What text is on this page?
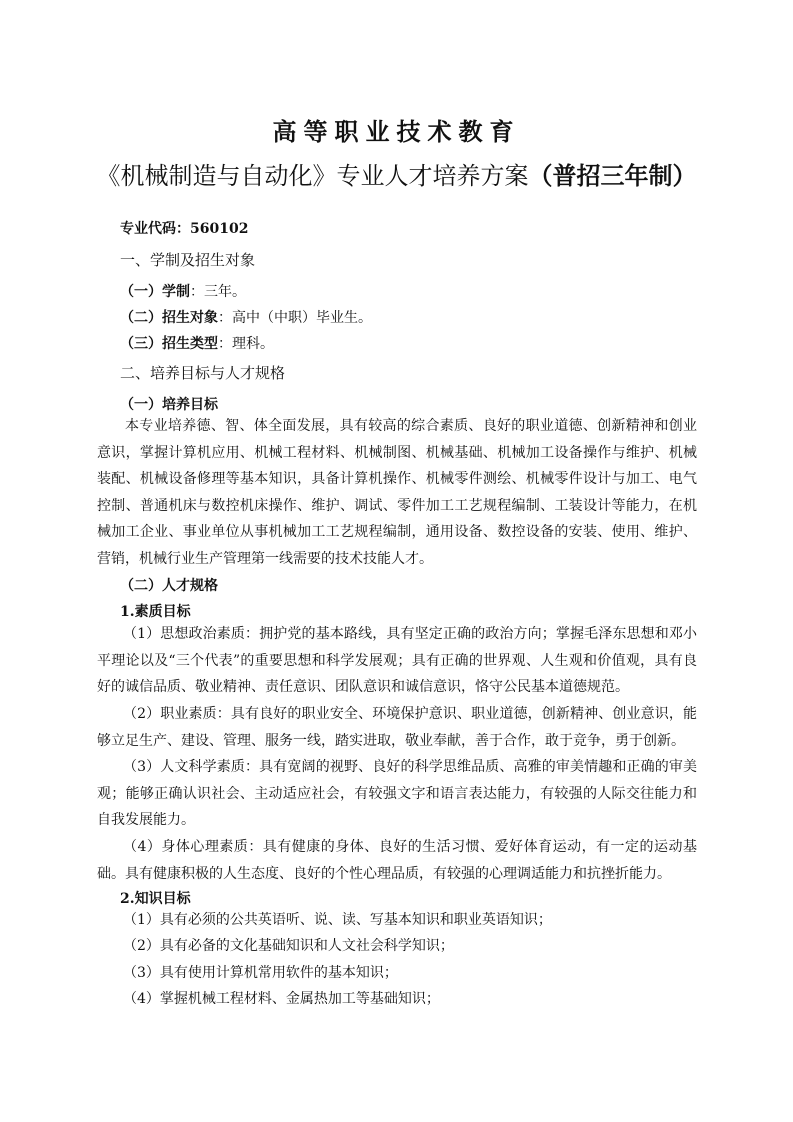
高等职业技术教育
《机械制造与自动化》专业人才培养方案（普招三年制）
专业代码：560102
一、学制及招生对象
（一）学制：三年。
（二）招生对象：高中（中职）毕业生。
（三）招生类型：理科。
二、培养目标与人才规格
（一）培养目标
本专业培养德、智、体全面发展，具有较高的综合素质、良好的职业道德、创新精神和创业意识，掌握计算机应用、机械工程材料、机械制图、机械基础、机械加工设备操作与维护、机械装配、机械设备修理等基本知识，具备计算机操作、机械零件测绘、机械零件设计与加工、电气控制、普通机床与数控机床操作、维护、调试、零件加工工艺规程编制、工装设计等能力，在机械加工企业、事业单位从事机械加工工艺规程编制，通用设备、数控设备的安装、使用、维护、营销，机械行业生产管理第一线需要的技术技能人才。
（二）人才规格
1.素质目标
（1）思想政治素质：拥护党的基本路线，具有坚定正确的政治方向；掌握毛泽东思想和邓小平理论以及“三个代表”的重要思想和科学发展观；具有正确的世界观、人生观和价值观，具有良好的诚信品质、敬业精神、责任意识、团队意识和诚信意识，恪守公民基本道德规范。
（2）职业素质：具有良好的职业安全、环境保护意识、职业道德，创新精神、创业意识，能够立足生产、建设、管理、服务一线，踏实进取，敬业奉献，善于合作，敢于竞争，勇于创新。
（3）人文科学素质：具有宽阔的视野、良好的科学思维品质、高雅的审美情趣和正确的审美观；能够正确认识社会、主动适应社会，有较强文字和语言表达能力，有较强的人际交往能力和自我发展能力。
（4）身体心理素质：具有健康的身体、良好的生活习惯、爱好体育运动，有一定的运动基础。具有健康积极的人生态度、良好的个性心理品质，有较强的心理调适能力和抗挫折能力。
2.知识目标
（1）具有必须的公共英语听、说、读、写基本知识和职业英语知识；
（2）具有必备的文化基础知识和人文社会科学知识；
（3）具有使用计算机常用软件的基本知识；
（4）掌握机械工程材料、金属热加工等基础知识；
